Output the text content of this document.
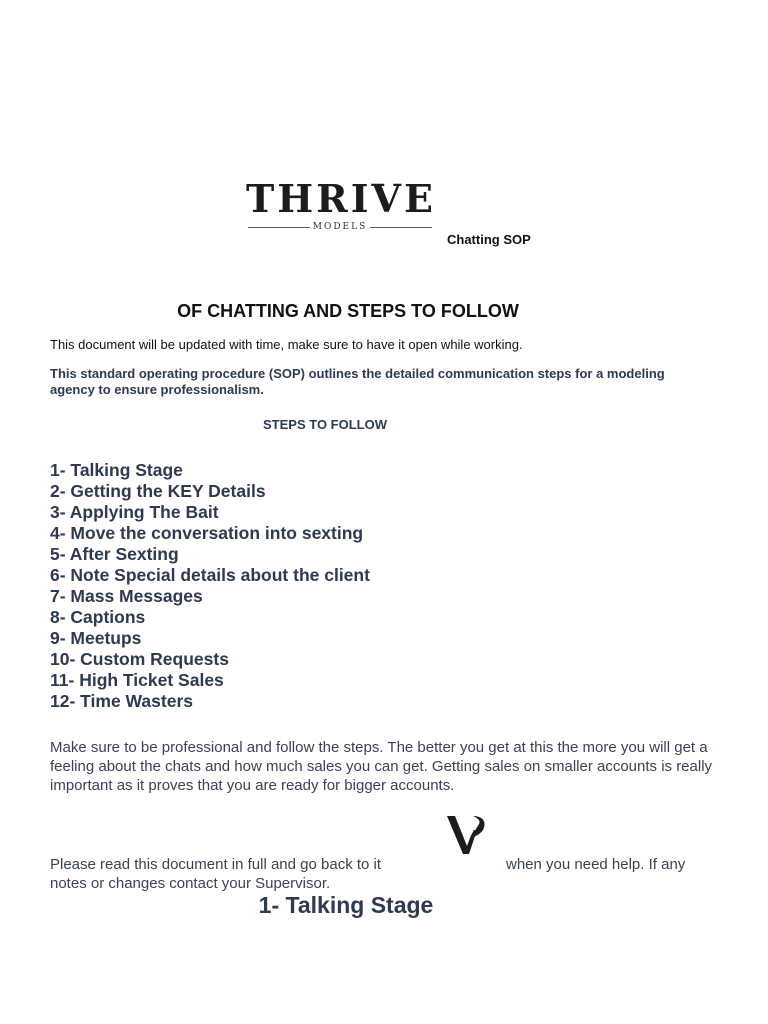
THRIVE
MODELS
Chatting SOP
OF CHATTING AND STEPS TO FOLLOW
This document will be updated with time, make sure to have it open while working.
This standard operating procedure (SOP) outlines the detailed communication steps for a modeling agency to ensure professionalism.
STEPS TO FOLLOW
1- Talking Stage
2- Getting the KEY Details
3- Applying The Bait
4- Move the conversation into sexting
5- After Sexting
6- Note Special details about the client
7- Mass Messages
8- Captions
9- Meetups
10- Custom Requests
11- High Ticket Sales
12- Time Wasters
Make sure to be professional and follow the steps. The better you get at this the more you will get a feeling about the chats and how much sales you can get. Getting sales on smaller accounts is really important as it proves that you are ready for bigger accounts.
Please read this document in full and go back to it	when you need help. If any
notes or changes contact your Supervisor.
1- Talking Stage
